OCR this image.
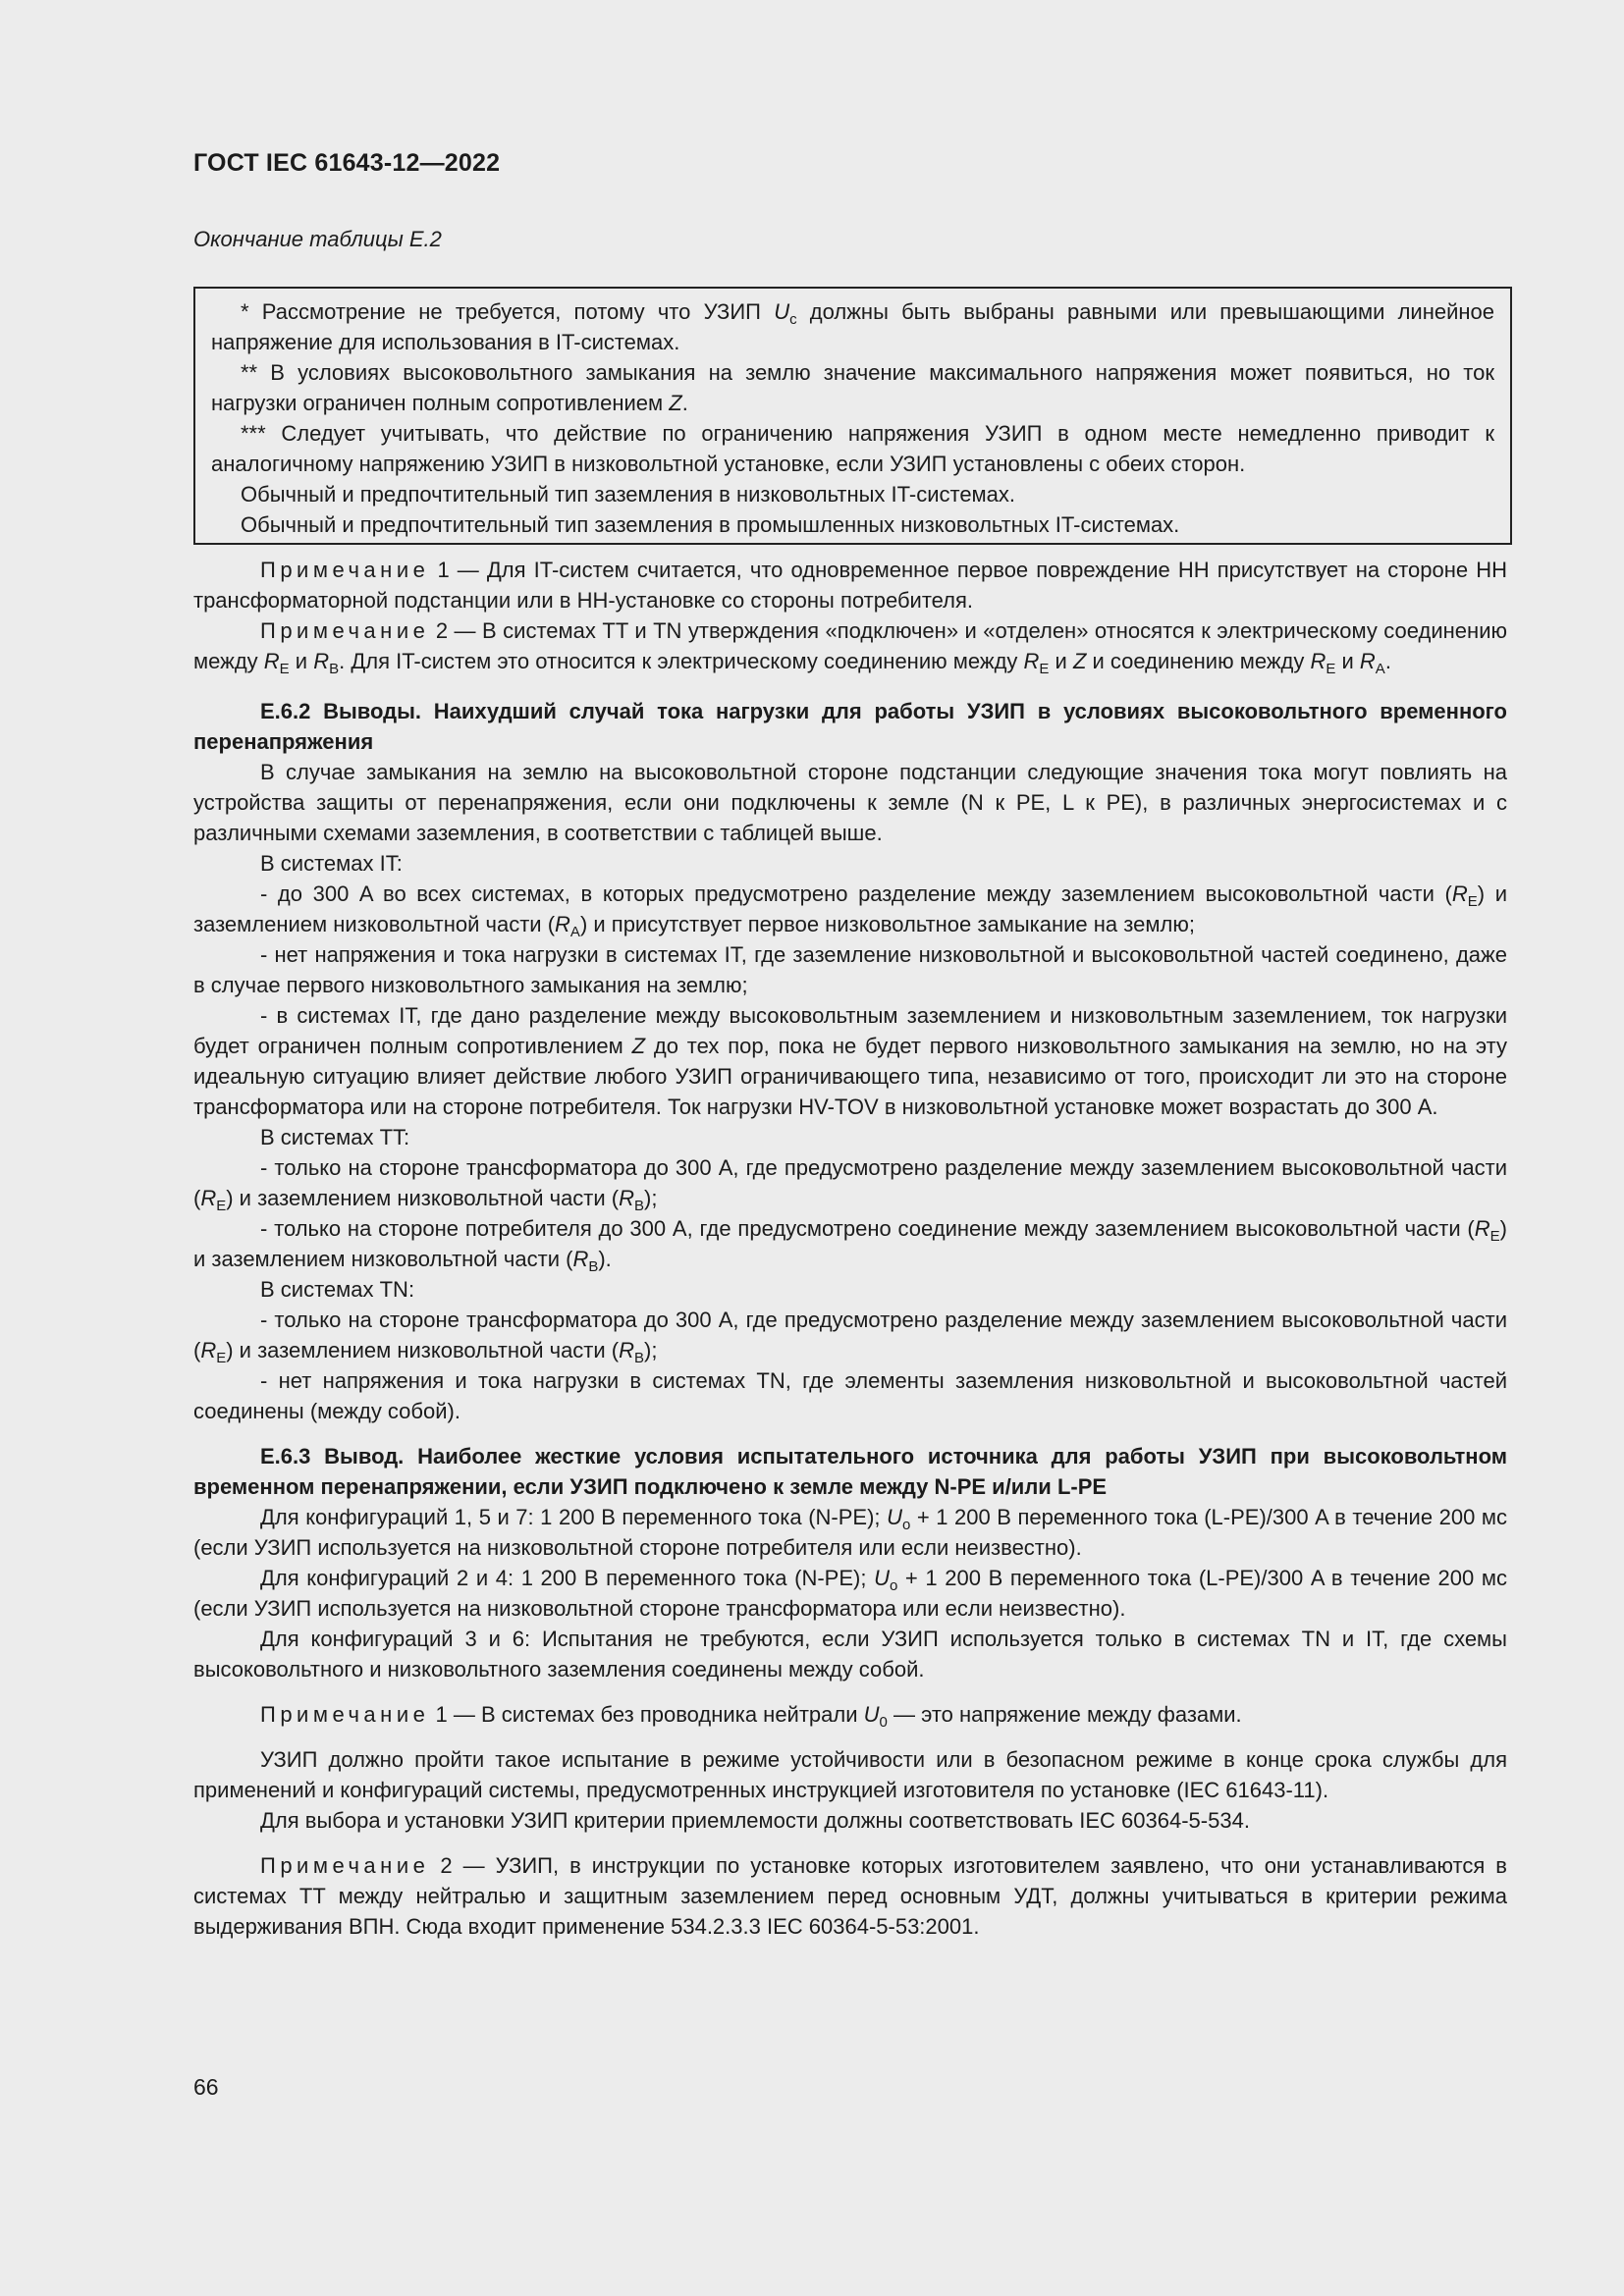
ГОСТ IEC 61643-12—2022
Окончание таблицы E.2

* Рассмотрение не требуется, потому что УЗИП $U_c$ должны быть выбраны равными или превышающими линейное напряжение для использования в IT-системах.

** В условиях высоковольтного замыкания на землю значение максимального напряжения может появиться, но ток нагрузки ограничен полным сопротивлением Z.

*** Следует учитывать, что действие по ограничению напряжения УЗИП в одном месте немедленно приводит к аналогичному напряжению УЗИП в низковольтной установке, если УЗИП установлены с обеих сторон.

Обычный и предпочтительный тип заземления в низковольтных IT-системах.

Обычный и предпочтительный тип заземления в промышленных низковольтных IT-системах.

Примечание 1 — Для IT-систем считается, что одновременное первое повреждение НН присутствует на стороне НН трансформаторной подстанции или в НН-установке со стороны потребителя.

Примечание 2 — В системах TT и TN утверждения «подключен» и «отделен» относятся к электрическому соединению между $R_E$ и $R_B$. Для IT-систем это относится к электрическому соединению между $R_E$ и Z и соединению между $R_E$ и $R_A$.

E.6.2 Выводы. Наихудший случай тока нагрузки для работы УЗИП в условиях высоковольтного временного перенапряжения

В случае замыкания на землю на высоковольтной стороне подстанции следующие значения тока могут повлиять на устройства защиты от перенапряжения, если они подключены к земле (N к PE, L к PE), в различных энергосистемах и с различными схемами заземления, в соответствии с таблицей выше.

В системах IT:

- до 300 A во всех системах, в которых предусмотрено разделение между заземлением высоковольтной части $(R_E)$ и заземлением низковольтной части $(R_A)$ и присутствует первое низковольтное замыкание на землю;

- нет напряжения и тока нагрузки в системах IT, где заземление низковольтной и высоковольтной частей соединено, даже в случае первого низковольтного замыкания на землю;

- в системах IT, где дано разделение между высоковольтным заземлением и низковольтным заземлением, ток нагрузки будет ограничен полным сопротивлением Z до тех пор, пока не будет первого низковольтного замыкания на землю, но на эту идеальную ситуацию влияет действие любого УЗИП ограничивающего типа, независимо от того, происходит ли это на стороне трансформатора или на стороне потребителя. Ток нагрузки HV-TOV в низковольтной установке может возрастать до 300 A.

В системах TT:

- только на стороне трансформатора до 300 A, где предусмотрено разделение между заземлением высоковольтной части $(R_E)$ и заземлением низковольтной части $(R_B)$;

- только на стороне потребителя до 300 A, где предусмотрено соединение между заземлением высоковольтной части $(R_E)$ и заземлением низковольтной части $(R_B)$.

В системах TN:

- только на стороне трансформатора до 300 A, где предусмотрено разделение между заземлением высоковольтной части $(R_E)$ и заземлением низковольтной части $(R_B)$;

- нет напряжения и тока нагрузки в системах TN, где элементы заземления низковольтной и высоковольтной частей соединены (между собой).

E.6.3 Вывод. Наиболее жесткие условия испытательного источника для работы УЗИП при высоковольтном временном перенапряжении, если УЗИП подключено к земле между N-PE и/или L-PE

Для конфигураций 1, 5 и 7: 1 200 B переменного тока (N-PE); $U_o + 1$ 200 B переменного тока (L-PE)/300 A в течение 200 мс (если УЗИП используется на низковольтной стороне потребителя или если неизвестно).

Для конфигураций 2 и 4: 1 200 B переменного тока (N-PE); $U_o + 1$ 200 B переменного тока (L-PE)/300 A в течение 200 мс (если УЗИП используется на низковольтной стороне трансформатора или если неизвестно).

Для конфигураций 3 и 6: Испытания не требуются, если УЗИП используется только в системах TN и IT, где схемы высоковольтного и низковольтного заземления соединены между собой.

Примечание 1 — В системах без проводника нейтрали $U_0$ — это напряжение между фазами.

УЗИП должно пройти такое испытание в режиме устойчивости или в безопасном режиме в конце срока службы для применений и конфигураций системы, предусмотренных инструкцией изготовителя по установке (IEC 61643-11).

Для выбора и установки УЗИП критерии приемлемости должны соответствовать IEC 60364-5-534.

Примечание 2 — УЗИП, в инструкции по установке которых изготовителем заявлено, что они устанавливаются в системах TT между нейтралью и защитным заземлением перед основным УДТ, должны учитываться в критерии режима выдерживания ВПН. Сюда входит применение 534.2.3.3 IEC 60364-5-53:2001.

66
